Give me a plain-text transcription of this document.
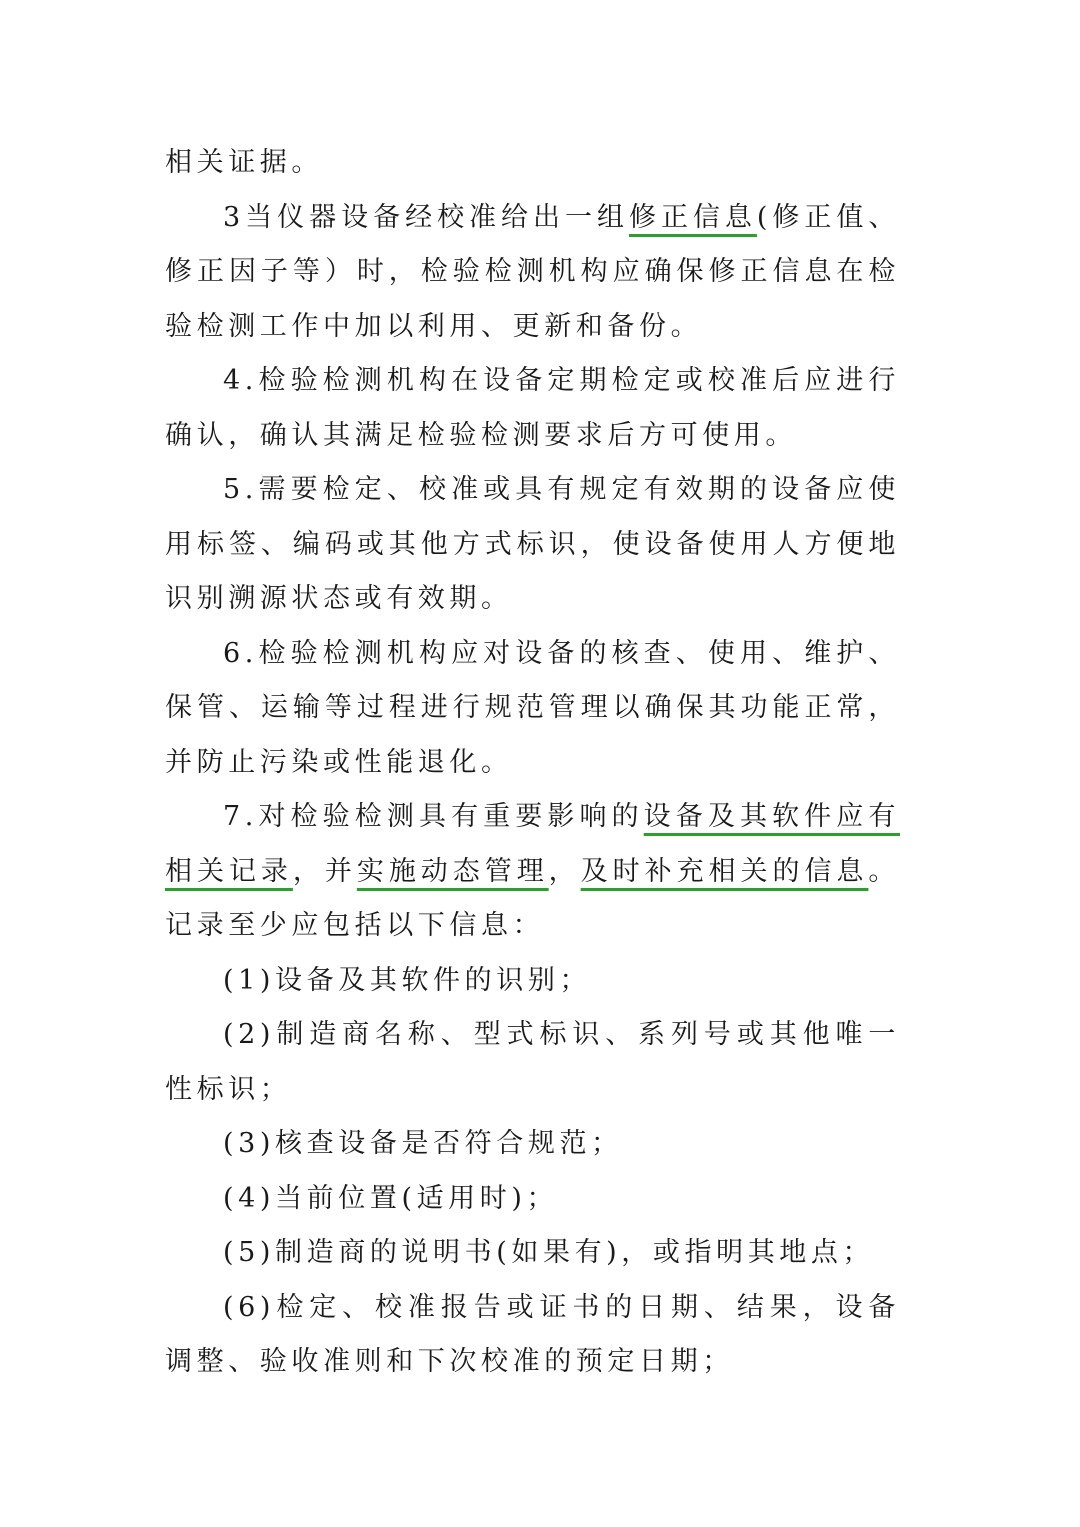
相关证据。

3当仪器设备经校准给出一组修正信息(修正值、修正因子等）时，检验检测机构应确保修正信息在检验检测工作中加以利用、更新和备份。

4.检验检测机构在设备定期检定或校准后应进行确认，确认其满足检验检测要求后方可使用。

5.需要检定、校准或具有规定有效期的设备应使用标签、编码或其他方式标识，使设备使用人方便地识别溯源状态或有效期。

6.检验检测机构应对设备的核查、使用、维护、保管、运输等过程进行规范管理以确保其功能正常，并防止污染或性能退化。

7.对检验检测具有重要影响的设备及其软件应有相关记录，并实施动态管理，及时补充相关的信息。记录至少应包括以下信息：

(1)设备及其软件的识别；

(2)制造商名称、型式标识、系列号或其他唯一性标识；

(3)核查设备是否符合规范；

(4)当前位置(适用时)；

(5)制造商的说明书(如果有)，或指明其地点；

(6)检定、校准报告或证书的日期、结果，设备调整、验收准则和下次校准的预定日期；
